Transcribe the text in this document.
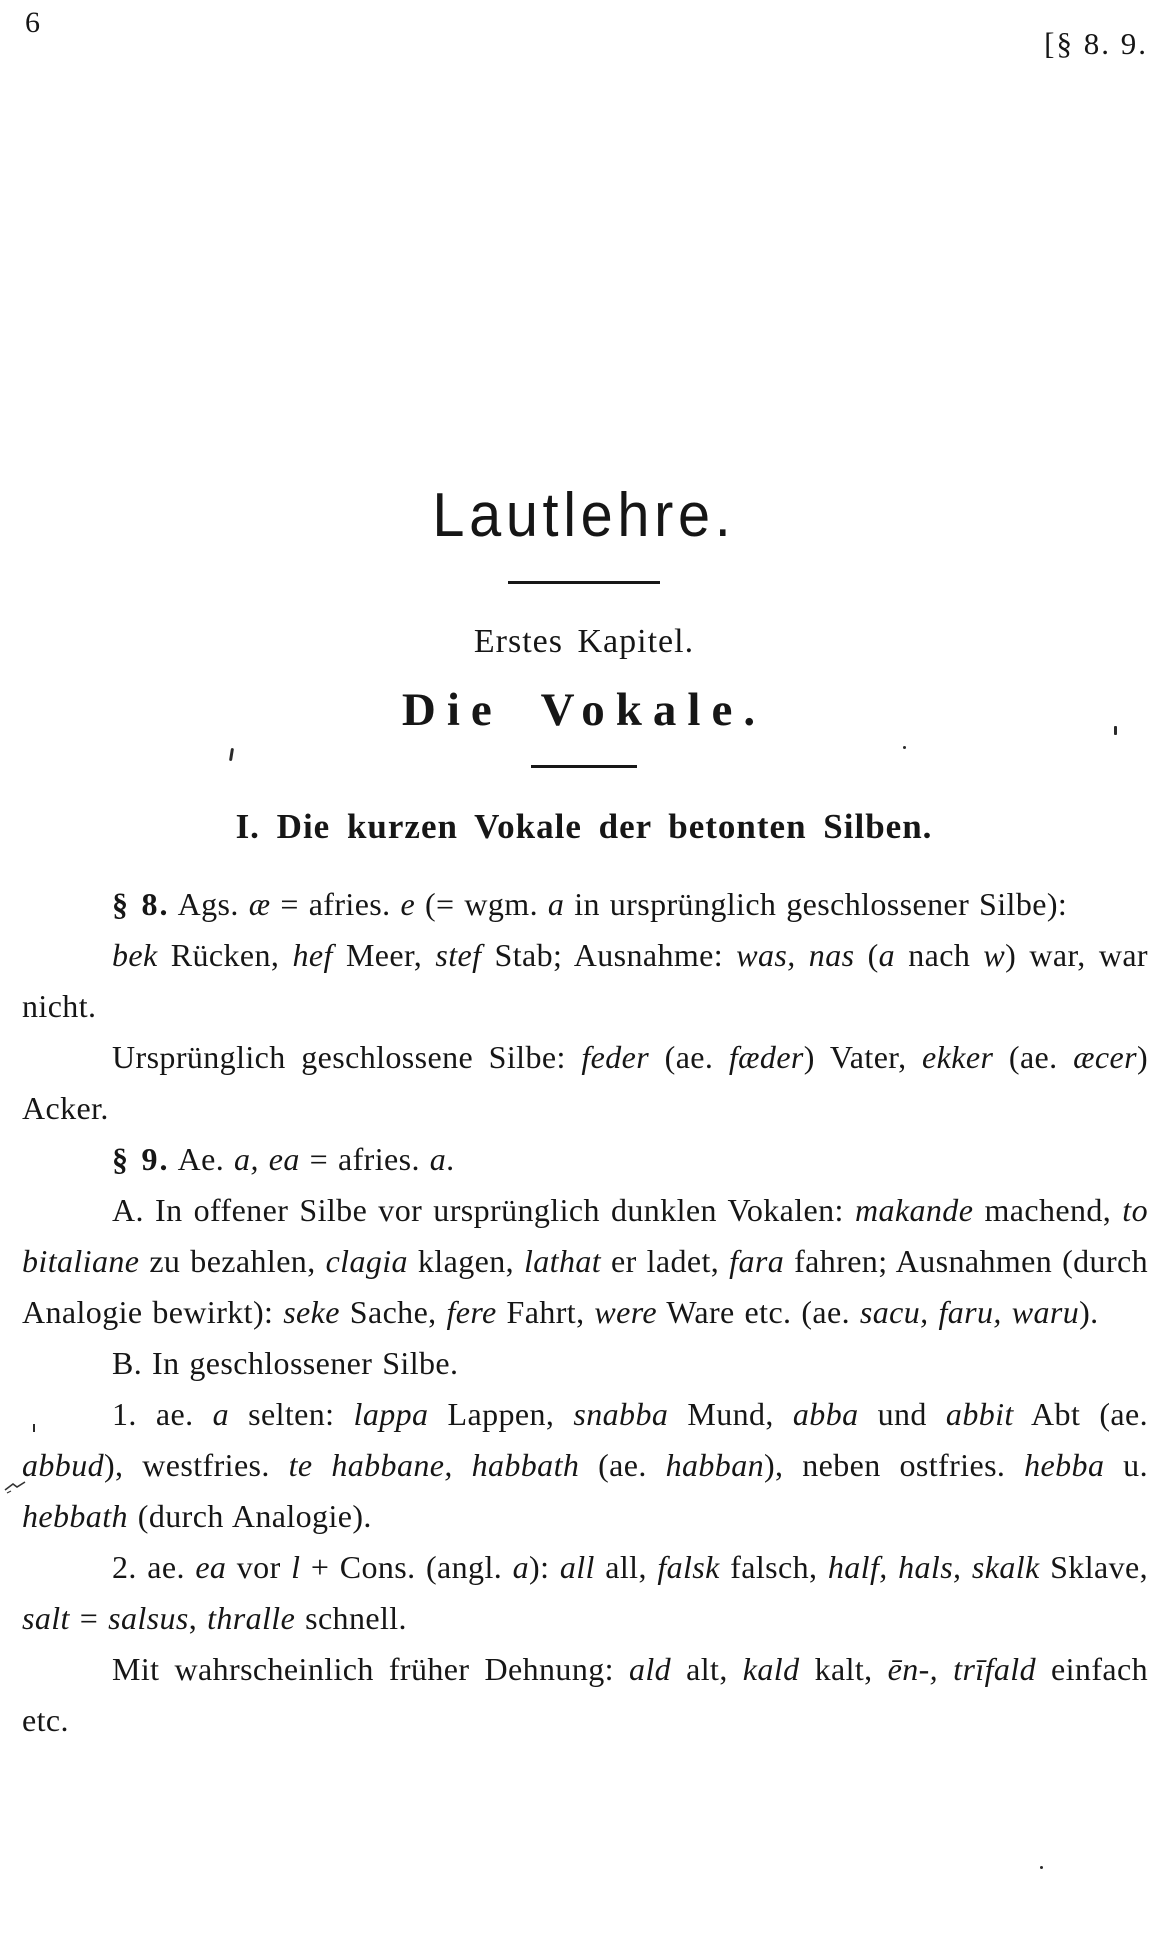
6
[§ 8. 9.
Lautlehre.
Erstes Kapitel.
Die Vokale.
I. Die kurzen Vokale der betonten Silben.

§ 8. Ags. æ = afries. e (= wgm. a in ursprünglich geschlossener Silbe):

bek Rücken, hef Meer, stef Stab; Ausnahme: was, nas (a nach w) war, war nicht.

Ursprünglich geschlossene Silbe: feder (ae. fæder) Vater, ekker (ae. æcer) Acker.

§ 9. Ae. a, ea = afries. a.

A. In offener Silbe vor ursprünglich dunklen Vokalen: makande machend, to bitaliane zu bezahlen, clagia klagen, lathat er ladet, fara fahren; Ausnahmen (durch Analogie bewirkt): seke Sache, fere Fahrt, were Ware etc. (ae. sacu, faru, waru).

B. In geschlossener Silbe.

1. ae. a selten: lappa Lappen, snabba Mund, abba und abbit Abt (ae. abbud), westfries. te habbane, habbath (ae. habban), neben ostfries. hebba u. hebbath (durch Analogie).

2. ae. ea vor l + Cons. (angl. a): all all, falsk falsch, half, hals, skalk Sklave, salt = salsus, thralle schnell.

Mit wahrscheinlich früher Dehnung: ald alt, kald kalt, ēn-, trīfald einfach etc.
